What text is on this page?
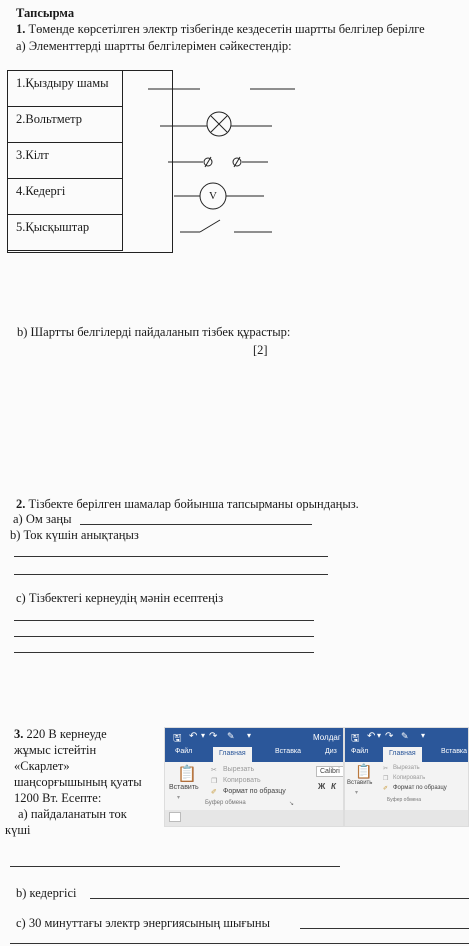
Тапсырма
1. Төменде көрсетілген электр тізбегінде кездесетін шартты белгілер берілге
а) Элементтерді шартты белгілерімен сәйкестендір:
1.Қыздыру шамы
2.Вольтметр
3.Кілт
4.Кедергі
5.Қысқыштар
V
b) Шартты белгілерді пайдаланып тізбек құрастыр:
[2]
2. Тізбекте берілген шамалар бойынша тапсырманы орындаңыз.
а) Ом заңы
b) Ток күшін анықтаңыз
c) Тізбектегі кернеудің мәнін есептеңіз
3. 220 В кернеуде
жұмыс істейтін
«Скарлет»
шаңсорғышының қуаты
1200 Вт. Есепте:
а) пайдаланатын ток
күші
🖫 ↶ ▾ ↷ ✎ ▾	Молдаг
Файл	Главная	Вставка	Диз
📋
Вставить
▾
✂ Вырезать
❐ Копировать
✐ Формат по образцу
Буфер обмена	↘
Calibri
Ж К
🖫 ↶ ▾ ↷ ✎ ▾
Файл	Главная	Вставка
📋
Вставить
▾
✂ Вырезать
❐ Копировать
✐ Формат по образцу
Буфер обмена
b) кедергісі
c) 30 минуттағы электр энергиясының шығыны
